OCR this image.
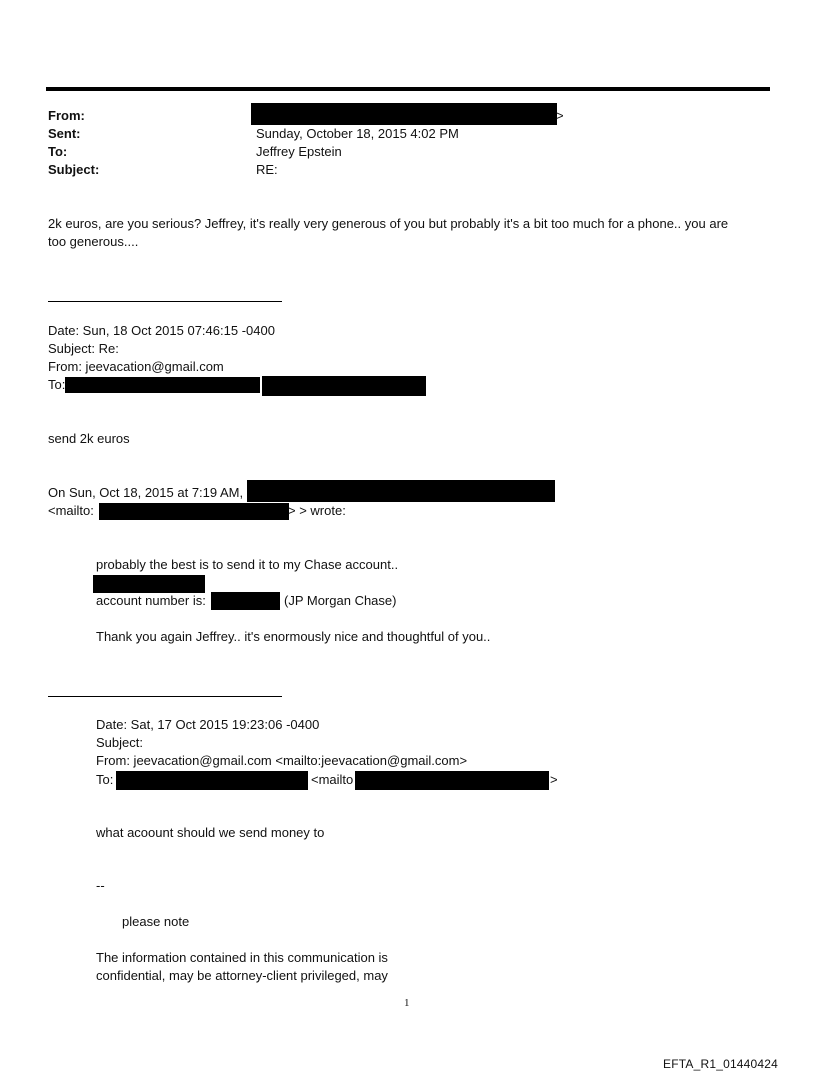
From:	>
Sent:	Sunday, October 18, 2015 4:02 PM
To:	Jeffrey Epstein
Subject:	RE:
2k euros, are you serious? Jeffrey, it's really very generous of you but probably it's a bit too much for a phone.. you are
too generous....
Date: Sun, 18 Oct 2015 07:46:15 -0400
Subject: Re:
From: jeevacation@gmail.com
To:
send 2k euros
On Sun, Oct 18, 2015 at 7:19 AM,
<mailto:	> > wrote:
probably the best is to send it to my Chase account..
account number is:	(JP Morgan Chase)
Thank you again Jeffrey.. it's enormously nice and thoughtful of you..
Date: Sat, 17 Oct 2015 19:23:06 -0400
Subject:
From: jeevacation@gmail.com <mailto:jeevacation@gmail.com>
To:	<mailto	>
what acoount should we send money to
--
please note
The information contained in this communication is
confidential, may be attorney-client privileged, may
1
EFTA_R1_01440424
